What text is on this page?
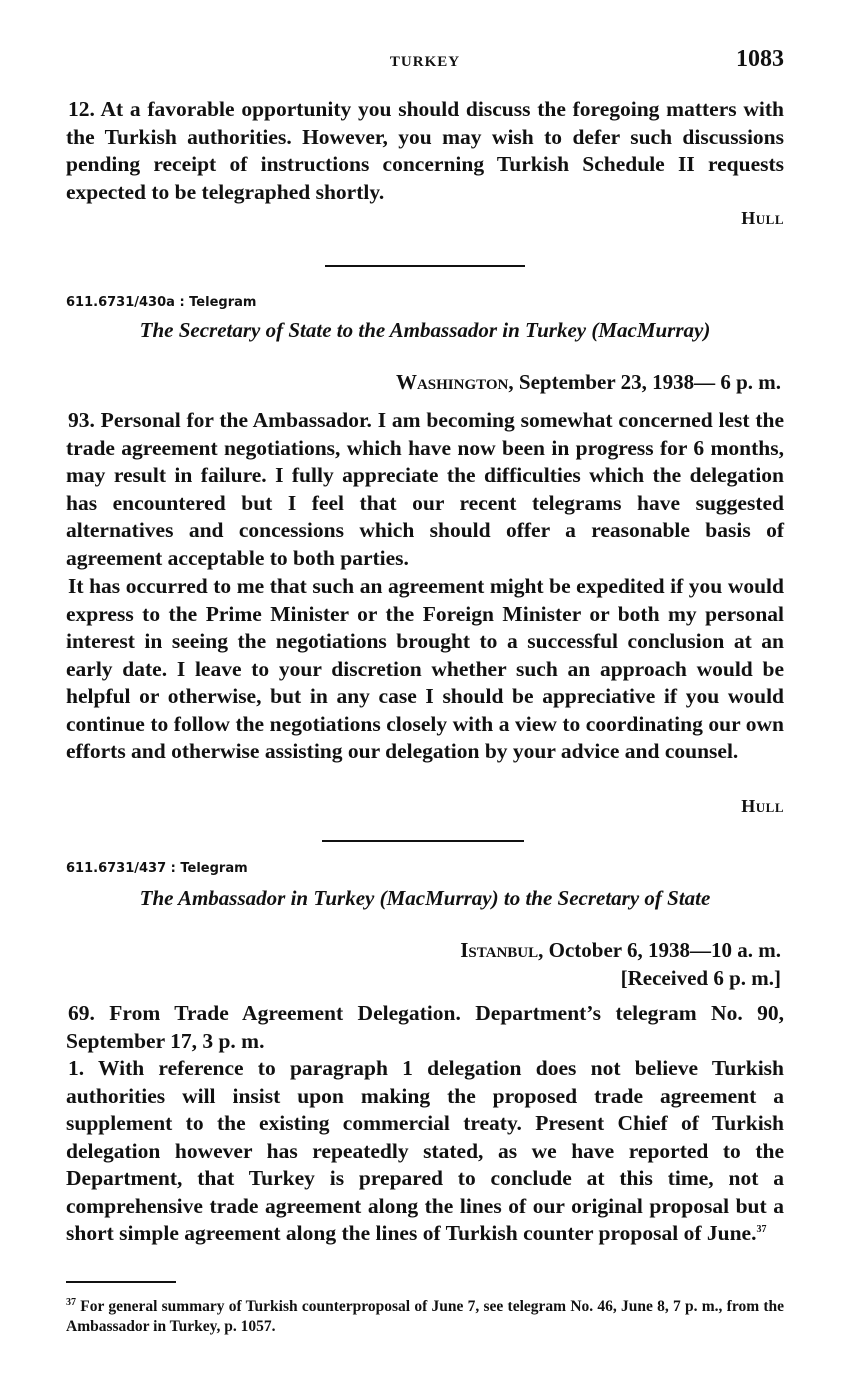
TURKEY	1083

12. At a favorable opportunity you should discuss the foregoing matters with the Turkish authorities. However, you may wish to defer such discussions pending receipt of instructions concerning Turkish Schedule II requests expected to be telegraphed shortly.

Hull
611.6731/430a : Telegram
The Secretary of State to the Ambassador in Turkey (MacMurray)
Washington, September 23, 1938— 6 p. m.

93. Personal for the Ambassador. I am becoming somewhat concerned lest the trade agreement negotiations, which have now been in progress for 6 months, may result in failure. I fully appreciate the difficulties which the delegation has encountered but I feel that our recent telegrams have suggested alternatives and concessions which should offer a reasonable basis of agreement acceptable to both parties.

It has occurred to me that such an agreement might be expedited if you would express to the Prime Minister or the Foreign Minister or both my personal interest in seeing the negotiations brought to a successful conclusion at an early date. I leave to your discretion whether such an approach would be helpful or otherwise, but in any case I should be appreciative if you would continue to follow the negotiations closely with a view to coordinating our own efforts and otherwise assisting our delegation by your advice and counsel.

Hull
611.6731/437 : Telegram
The Ambassador in Turkey (MacMurray) to the Secretary of State
Istanbul, October 6, 1938—10 a. m.
[Received 6 p. m.]

69. From Trade Agreement Delegation. Department’s telegram No. 90, September 17, 3 p. m.

1. With reference to paragraph 1 delegation does not believe Turkish authorities will insist upon making the proposed trade agreement a supplement to the existing commercial treaty. Present Chief of Turkish delegation however has repeatedly stated, as we have reported to the Department, that Turkey is prepared to conclude at this time, not a comprehensive trade agreement along the lines of our original proposal but a short simple agreement along the lines of Turkish counter proposal of June.$^{37}$

$^{37}$ For general summary of Turkish counterproposal of June 7, see telegram No. 46, June 8, 7 p. m., from the Ambassador in Turkey, p. 1057.
